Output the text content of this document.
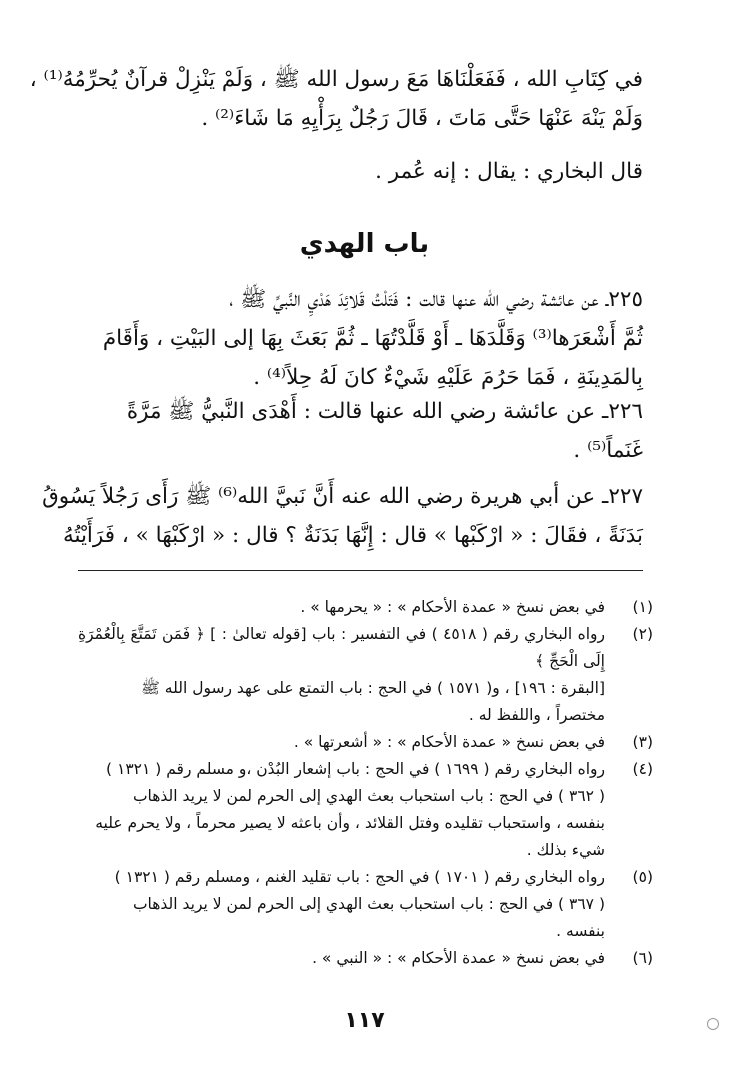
في كِتَابِ الله ، فَفَعَلْنَاهَا مَعَ رسول الله ﷺ ، وَلَمْ يَنْزِلْ قرآنٌ يُحرِّمُهُ⁽¹⁾ ،
وَلَمْ يَنْهَ عَنْهَا حَتَّى مَاتَ ، قَالَ رَجُلٌ بِرَأْيِهِ مَا شَاءَ⁽²⁾ .
قال البخاري : يقال : إنه عُمر .
باب الهدي
٢٢٥ـ عن عائشة رضي الله عنها قالت : فَتَلْتُ قَلائِدَ هَدْيِ النَّبيِّ ﷺ ،
ثُمَّ أَشْعَرَها⁽³⁾ وَقَلَّدَهَا ـ أَوْ قَلَّدْتُهَا ـ ثُمَّ بَعَثَ بِهَا إلى البَيْتِ ، وَأَقَامَ
بِالمَدِينَةِ ، فَمَا حَرُمَ عَلَيْهِ شَيْءٌ كانَ لَهُ حِلاً⁽⁴⁾ .
٢٢٦ـ عن عائشة رضي الله عنها قالت : أَهْدَى النَّبيُّ ﷺ مَرَّةً
غَنَماً⁽⁵⁾ .
٢٢٧ـ عن أبي هريرة رضي الله عنه أَنَّ نَبيَّ الله⁽⁶⁾ ﷺ رَأَى رَجُلاً يَسُوقُ
بَدَنَةً ، فقَالَ : « ارْكَبْها » قال : إِنَّهَا بَدَنَةٌ ؟ قال : « ارْكَبْهَا » ، فَرَأَيْتُهُ
(١)
في بعض نسخ « عمدة الأحكام » : « يحرمها » .
(٢)
رواه البخاري رقم ( ٤٥١٨ ) في التفسير : باب [قوله تعالىٰ : ] ﴿ فَمَن تَمَتَّعَ بِالْعُمْرَةِ إِلَى الْحَجِّ ﴾
[البقرة : ١٩٦] ، و( ١٥٧١ ) في الحج : باب التمتع على عهد رسول الله ﷺ
مختصراً ، واللفظ له .
(٣)
في بعض نسخ « عمدة الأحكام » : « أشعرتها » .
(٤)
رواه البخاري رقم ( ١٦٩٩ ) في الحج : باب إشعار البُدْن ،و مسلم رقم ( ١٣٢١ )
( ٣٦٢ ) في الحج : باب استحباب بعث الهدي إلى الحرم لمن لا يريد الذهاب
بنفسه ، واستحباب تقليده وفتل القلائد ، وأن باعثه لا يصير محرماً ، ولا يحرم عليه
شيء بذلك .
(٥)
رواه البخاري رقم ( ١٧٠١ ) في الحج : باب تقليد الغنم ، ومسلم رقم ( ١٣٢١ )
( ٣٦٧ ) في الحج : باب استحباب بعث الهدي إلى الحرم لمن لا يريد الذهاب
بنفسه .
(٦)
في بعض نسخ « عمدة الأحكام » : « النبي » .
١١٧
